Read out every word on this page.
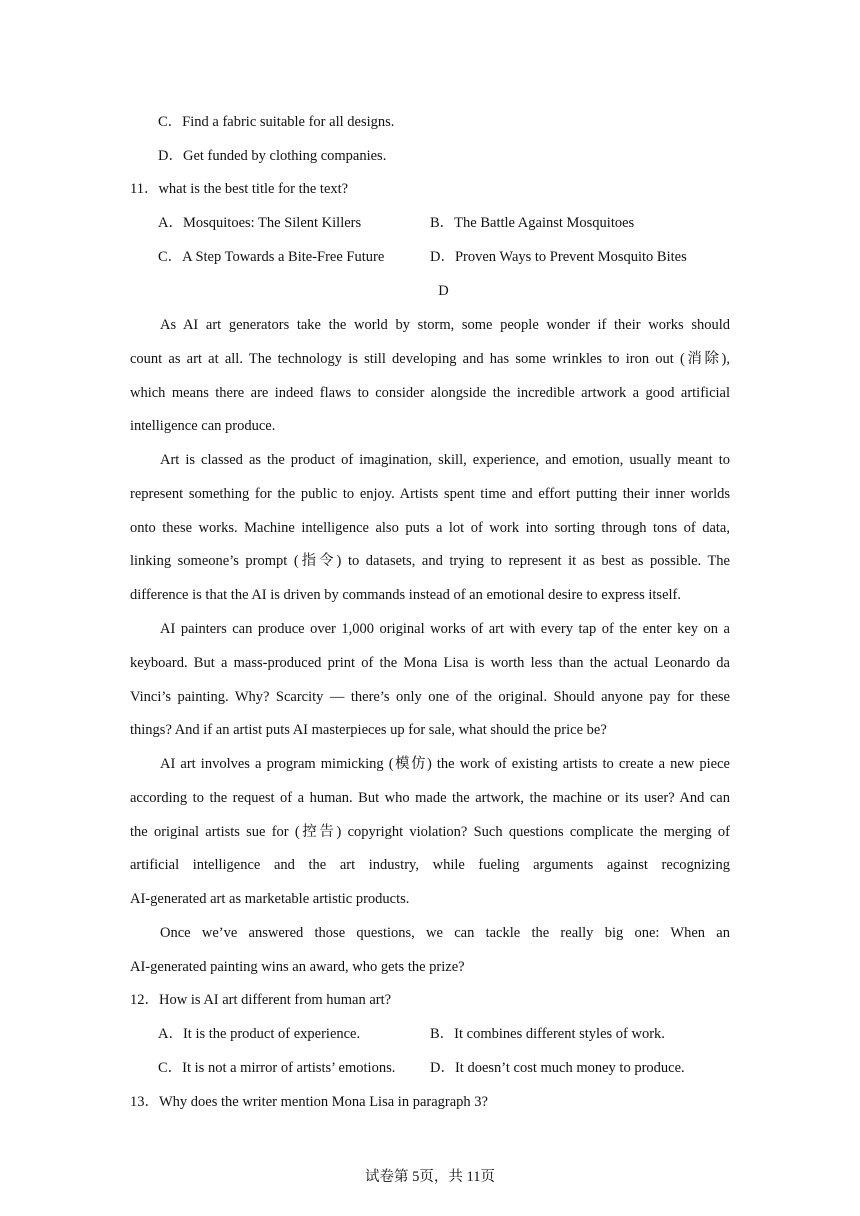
C．Find a fabric suitable for all designs.
D．Get funded by clothing companies.
11．what is the best title for the text?
A．Mosquitoes: The Silent Killers	B．The Battle Against Mosquitoes
C．A Step Towards a Bite-Free Future	D．Proven Ways to Prevent Mosquito Bites
D
As AI art generators take the world by storm, some people wonder if their works should
count as art at all. The technology is still developing and has some wrinkles to iron out (消除),
which means there are indeed flaws to consider alongside the incredible artwork a good artificial
intelligence can produce.
Art is classed as the product of imagination, skill, experience, and emotion, usually meant to
represent something for the public to enjoy. Artists spent time and effort putting their inner worlds
onto these works. Machine intelligence also puts a lot of work into sorting through tons of data,
linking someone’s prompt (指令) to datasets, and trying to represent it as best as possible. The
difference is that the AI is driven by commands instead of an emotional desire to express itself.
AI painters can produce over 1,000 original works of art with every tap of the enter key on a
keyboard. But a mass-produced print of the Mona Lisa is worth less than the actual Leonardo da
Vinci’s painting. Why? Scarcity — there’s only one of the original. Should anyone pay for these
things? And if an artist puts AI masterpieces up for sale, what should the price be?
AI art involves a program mimicking (模仿) the work of existing artists to create a new piece
according to the request of a human. But who made the artwork, the machine or its user? And can
the original artists sue for (控告) copyright violation? Such questions complicate the merging of
artificial intelligence and the art industry, while fueling arguments against recognizing
AI-generated art as marketable artistic products.
Once we’ve answered those questions, we can tackle the really big one: When an
AI-generated painting wins an award, who gets the prize?
12．How is AI art different from human art?
A．It is the product of experience.	B．It combines different styles of work.
C．It is not a mirror of artists’ emotions. D．It doesn’t cost much money to produce.
13．Why does the writer mention Mona Lisa in paragraph 3?
试卷第 5页，共 11页
